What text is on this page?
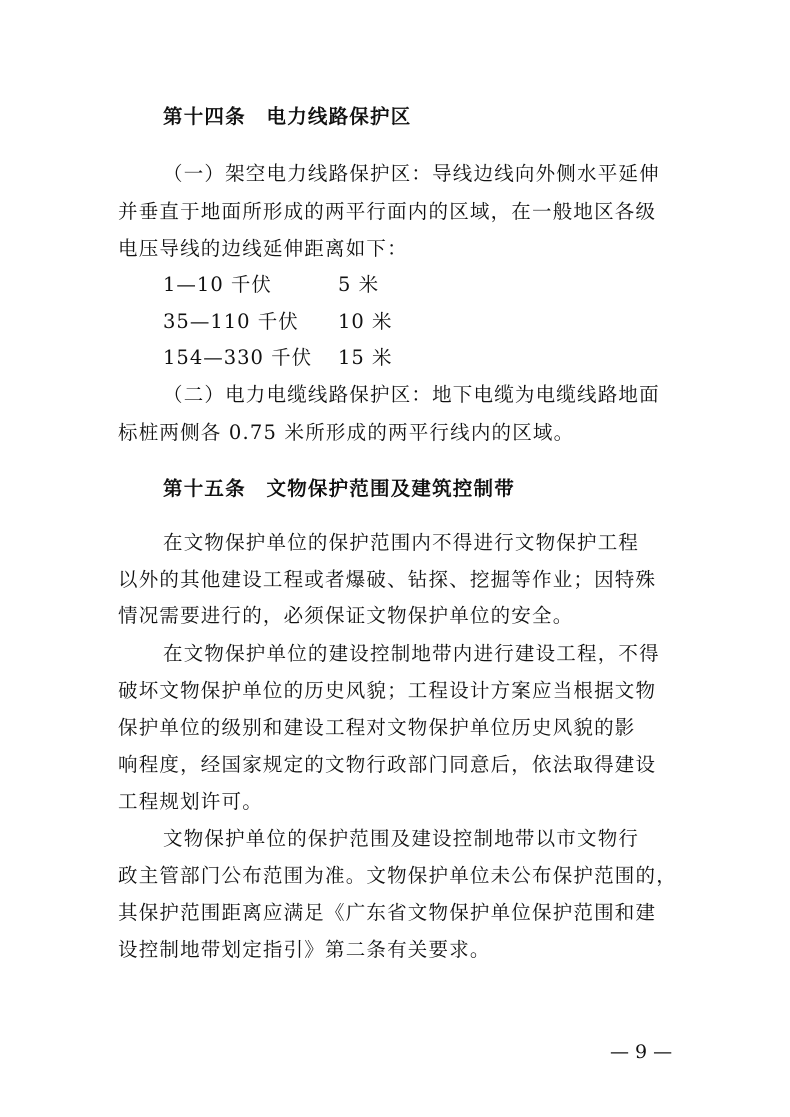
第十四条　电力线路保护区
（一）架空电力线路保护区：导线边线向外侧水平延伸
并垂直于地面所形成的两平行面内的区域，在一般地区各级
电压导线的边线延伸距离如下：
1—10 千伏	5 米
35—110 千伏 10 米
154—330 千伏 15 米
（二）电力电缆线路保护区：地下电缆为电缆线路地面
标桩两侧各 0.75 米所形成的两平行线内的区域。
第十五条　文物保护范围及建筑控制带
在文物保护单位的保护范围内不得进行文物保护工程
以外的其他建设工程或者爆破、钻探、挖掘等作业；因特殊
情况需要进行的，必须保证文物保护单位的安全。
在文物保护单位的建设控制地带内进行建设工程，不得
破坏文物保护单位的历史风貌；工程设计方案应当根据文物
保护单位的级别和建设工程对文物保护单位历史风貌的影
响程度，经国家规定的文物行政部门同意后，依法取得建设
工程规划许可。
文物保护单位的保护范围及建设控制地带以市文物行
政主管部门公布范围为准。文物保护单位未公布保护范围的，
其保护范围距离应满足《广东省文物保护单位保护范围和建
设控制地带划定指引》第二条有关要求。
— 9 —
